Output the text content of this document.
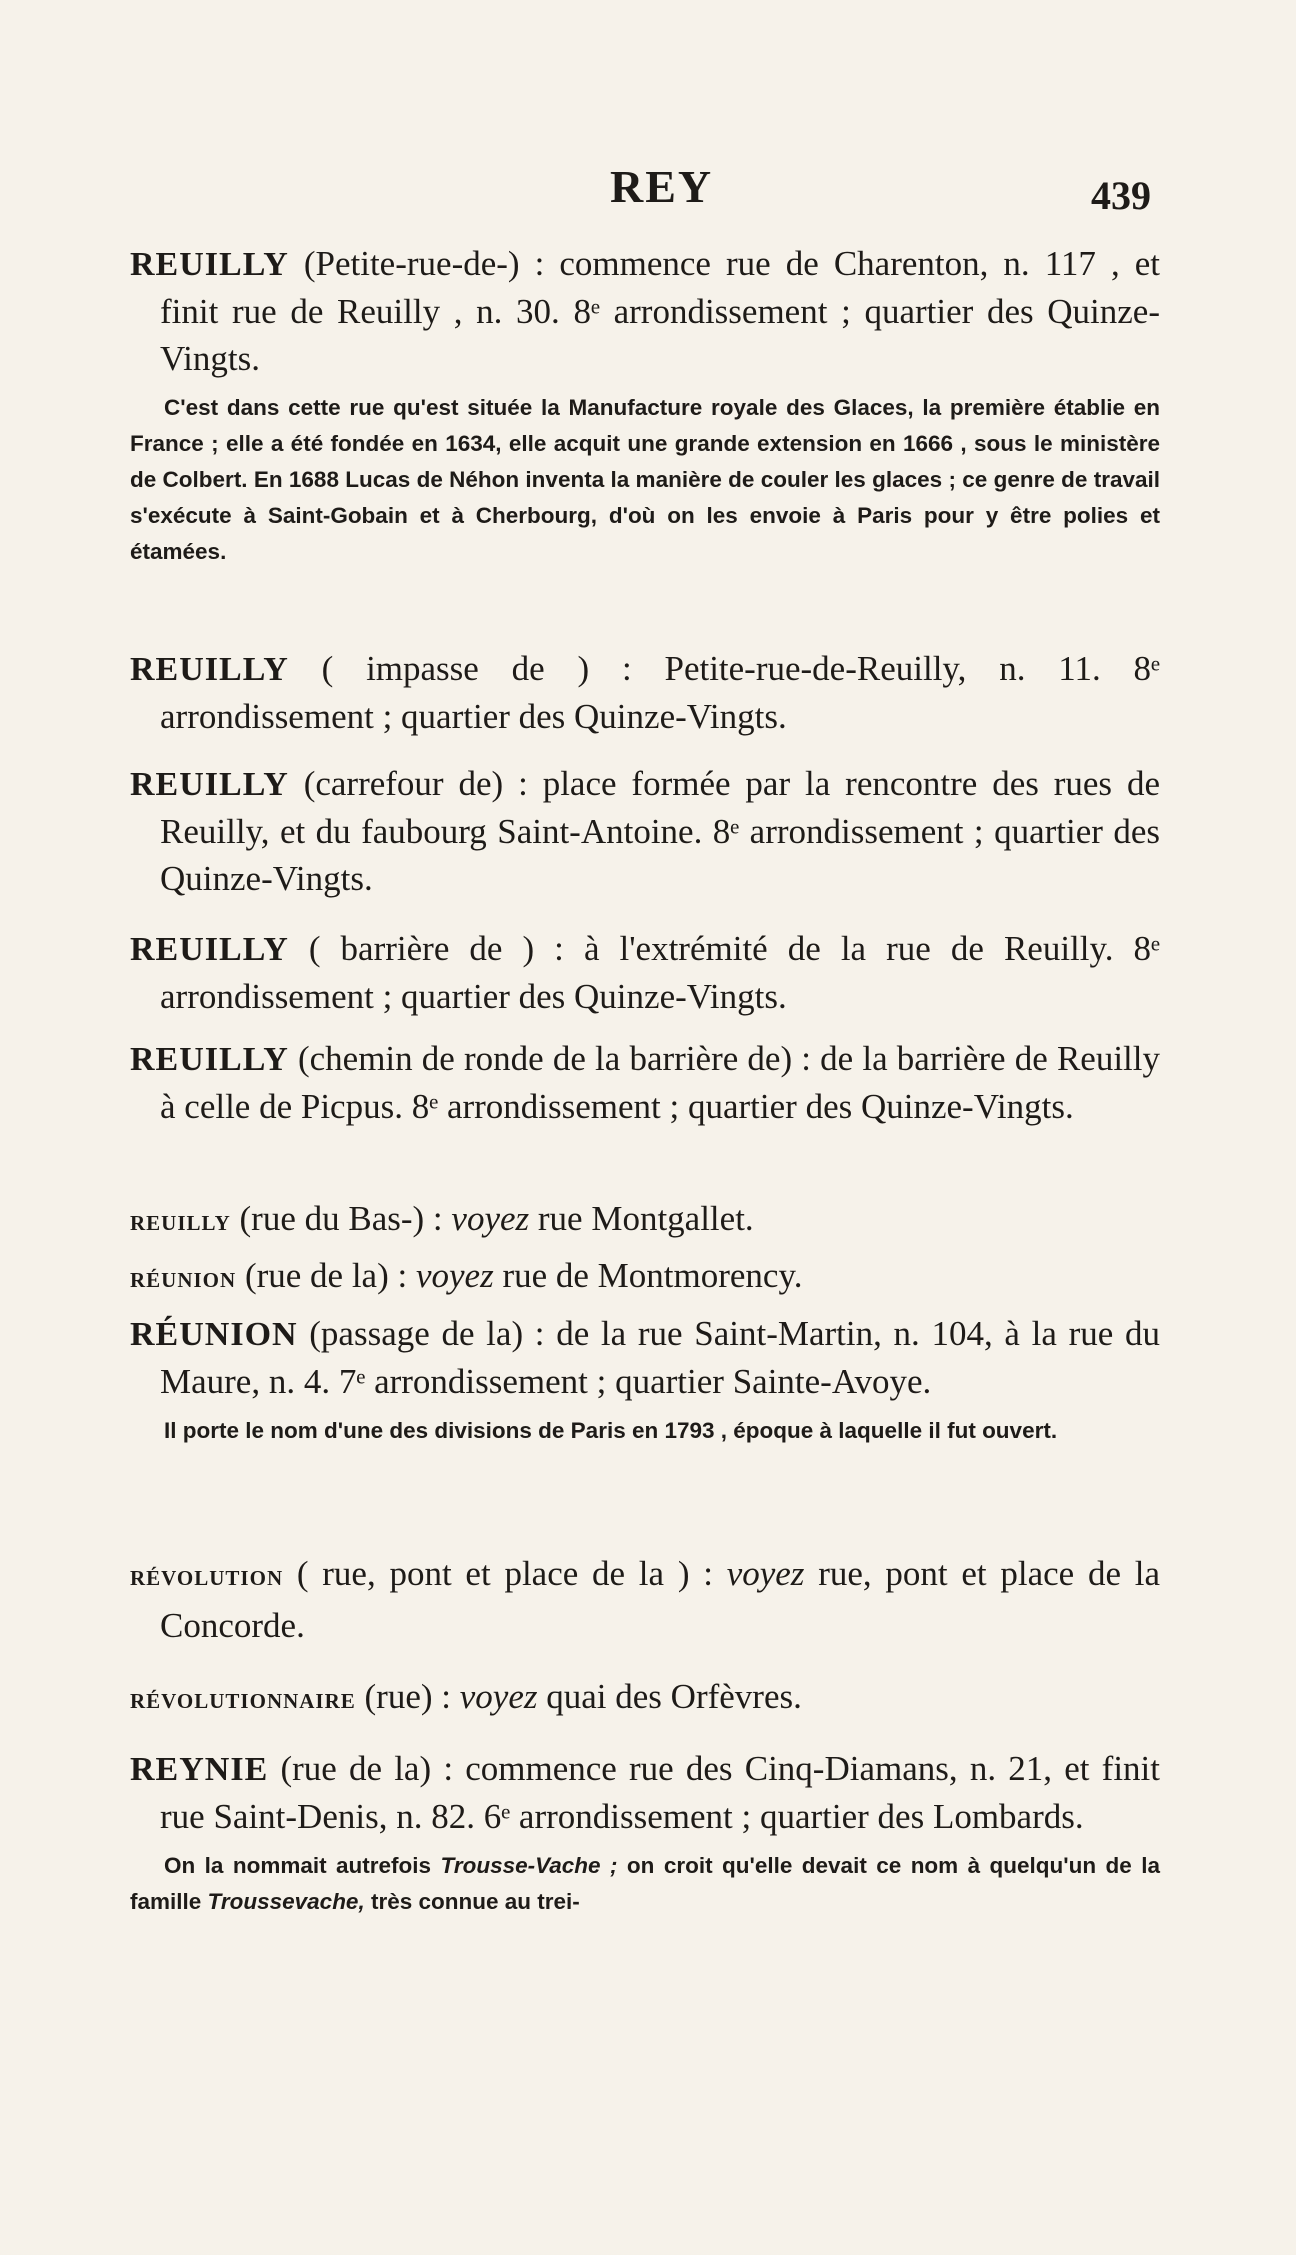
REY	439

REUILLY (Petite-rue-de-) : commence rue de Charenton, n. 117 , et finit rue de Reuilly , n. 30. 8ᵉ arrondissement ; quartier des Quinze-Vingts.

C'est dans cette rue qu'est située la Manufacture royale des Glaces, la première établie en France ; elle a été fondée en 1634, elle acquit une grande extension en 1666 , sous le ministère de Colbert. En 1688 Lucas de Néhon inventa la manière de couler les glaces ; ce genre de travail s'exécute à Saint-Gobain et à Cherbourg, d'où on les envoie à Paris pour y être polies et étamées.

REUILLY ( impasse de ) : Petite-rue-de-Reuilly, n. 11. 8ᵉ arrondissement ; quartier des Quinze-Vingts.

REUILLY (carrefour de) : place formée par la rencontre des rues de Reuilly, et du faubourg Saint-Antoine. 8ᵉ arrondissement ; quartier des Quinze-Vingts.

REUILLY ( barrière de ) : à l'extrémité de la rue de Reuilly. 8ᵉ arrondissement ; quartier des Quinze-Vingts.

REUILLY (chemin de ronde de la barrière de) : de la barrière de Reuilly à celle de Picpus. 8ᵉ arrondissement ; quartier des Quinze-Vingts.

REUILLY (rue du Bas-) : voyez rue Montgallet.

RÉUNION (rue de la) : voyez rue de Montmorency.

RÉUNION (passage de la) : de la rue Saint-Martin, n. 104, à la rue du Maure, n. 4. 7ᵉ arrondissement ; quartier Sainte-Avoye.

Il porte le nom d'une des divisions de Paris en 1793 , époque à laquelle il fut ouvert.

RÉVOLUTION ( rue, pont et place de la ) : voyez rue, pont et place de la Concorde.

RÉVOLUTIONNAIRE (rue) : voyez quai des Orfèvres.

REYNIE (rue de la) : commence rue des Cinq-Diamans, n. 21, et finit rue Saint-Denis, n. 82. 6ᵉ arrondissement ; quartier des Lombards.

On la nommait autrefois Trousse-Vache ; on croit qu'elle devait ce nom à quelqu'un de la famille Troussevache, très connue au trei-
